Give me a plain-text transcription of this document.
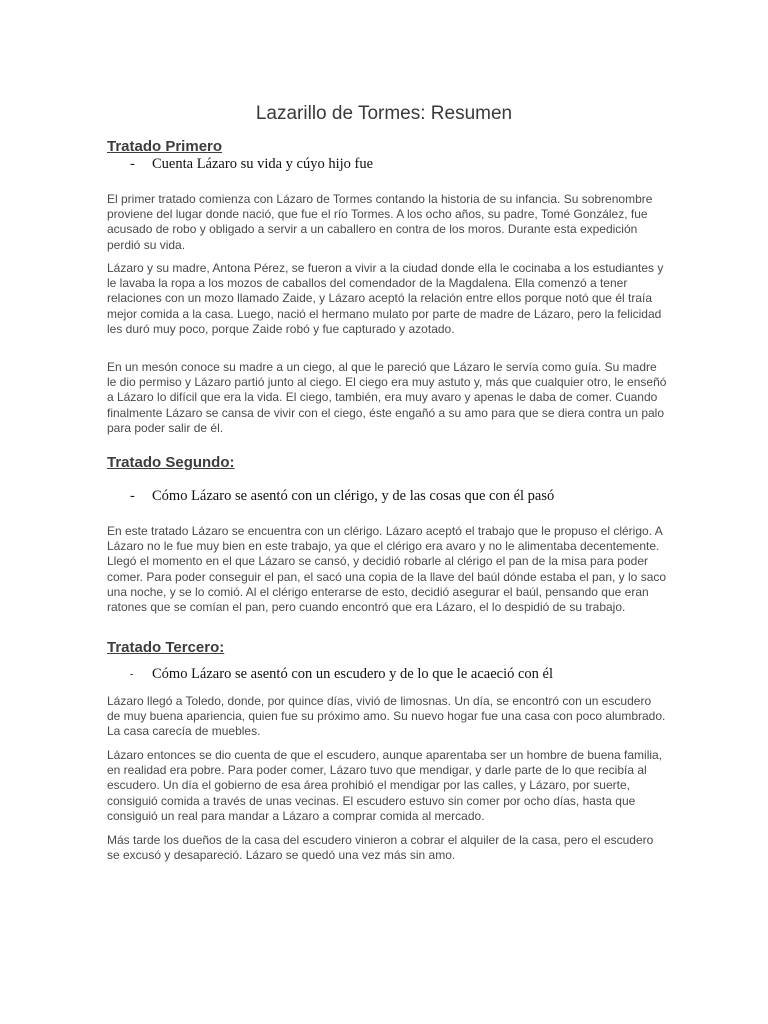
Lazarillo de Tormes: Resumen
Tratado Primero
- Cuenta Lázaro su vida y cúyo hijo fue

El primer tratado comienza con Lázaro de Tormes contando la historia de su infancia. Su sobrenombre proviene del lugar donde nació, que fue el río Tormes. A los ocho años, su padre, Tomé González, fue acusado de robo y obligado a servir a un caballero en contra de los moros. Durante esta expedición perdió su vida.

Lázaro y su madre, Antona Pérez, se fueron a vivir a la ciudad donde ella le cocinaba a los estudiantes y le lavaba la ropa a los mozos de caballos del comendador de la Magdalena. Ella comenzó a tener relaciones con un mozo llamado Zaide, y Lázaro aceptó la relación entre ellos porque notó que él traía mejor comida a la casa. Luego, nació el hermano mulato por parte de madre de Lázaro, pero la felicidad les duró muy poco, porque Zaide robó y fue capturado y azotado.

En un mesón conoce su madre a un ciego, al que le pareció que Lázaro le servía como guía. Su madre le dio permiso y Lázaro partió junto al ciego. El ciego era muy astuto y, más que cualquier otro, le enseñó a Lázaro lo difícil que era la vida. El ciego, también, era muy avaro y apenas le daba de comer. Cuando finalmente Lázaro se cansa de vivir con el ciego, éste engañó a su amo para que se diera contra un palo para poder salir de él.

Tratado Segundo:
- Cómo Lázaro se asentó con un clérigo, y de las cosas que con él pasó

En este tratado Lázaro se encuentra con un clérigo. Lázaro aceptó el trabajo que le propuso el clérigo. A Lázaro no le fue muy bien en este trabajo, ya que el clérigo era avaro y no le alimentaba decentemente. Llegó el momento en el que Lázaro se cansó, y decidió robarle al clérigo el pan de la misa para poder comer. Para poder conseguir el pan, el sacó una copia de la llave del baúl dónde estaba el pan, y lo saco una noche, y se lo comió. Al el clérigo enterarse de esto, decidió asegurar el baúl, pensando que eran ratones que se comían el pan, pero cuando encontró que era Lázaro, el lo despidió de su trabajo.

Tratado Tercero:
- Cómo Lázaro se asentó con un escudero y de lo que le acaeció con él

Lázaro llegó a Toledo, donde, por quince días, vivió de limosnas. Un día, se encontró con un escudero de muy buena apariencia, quien fue su próximo amo. Su nuevo hogar fue una casa con poco alumbrado. La casa carecía de muebles.

Lázaro entonces se dio cuenta de que el escudero, aunque aparentaba ser un hombre de buena familia, en realidad era pobre. Para poder comer, Lázaro tuvo que mendigar, y darle parte de lo que recibía al escudero. Un día el gobierno de esa área prohibió el mendigar por las calles, y Lázaro, por suerte, consiguió comida a través de unas vecinas. El escudero estuvo sin comer por ocho días, hasta que consiguió un real para mandar a Lázaro a comprar comida al mercado.

Más tarde los dueños de la casa del escudero vinieron a cobrar el alquiler de la casa, pero el escudero se excusó y desapareció. Lázaro se quedó una vez más sin amo.
